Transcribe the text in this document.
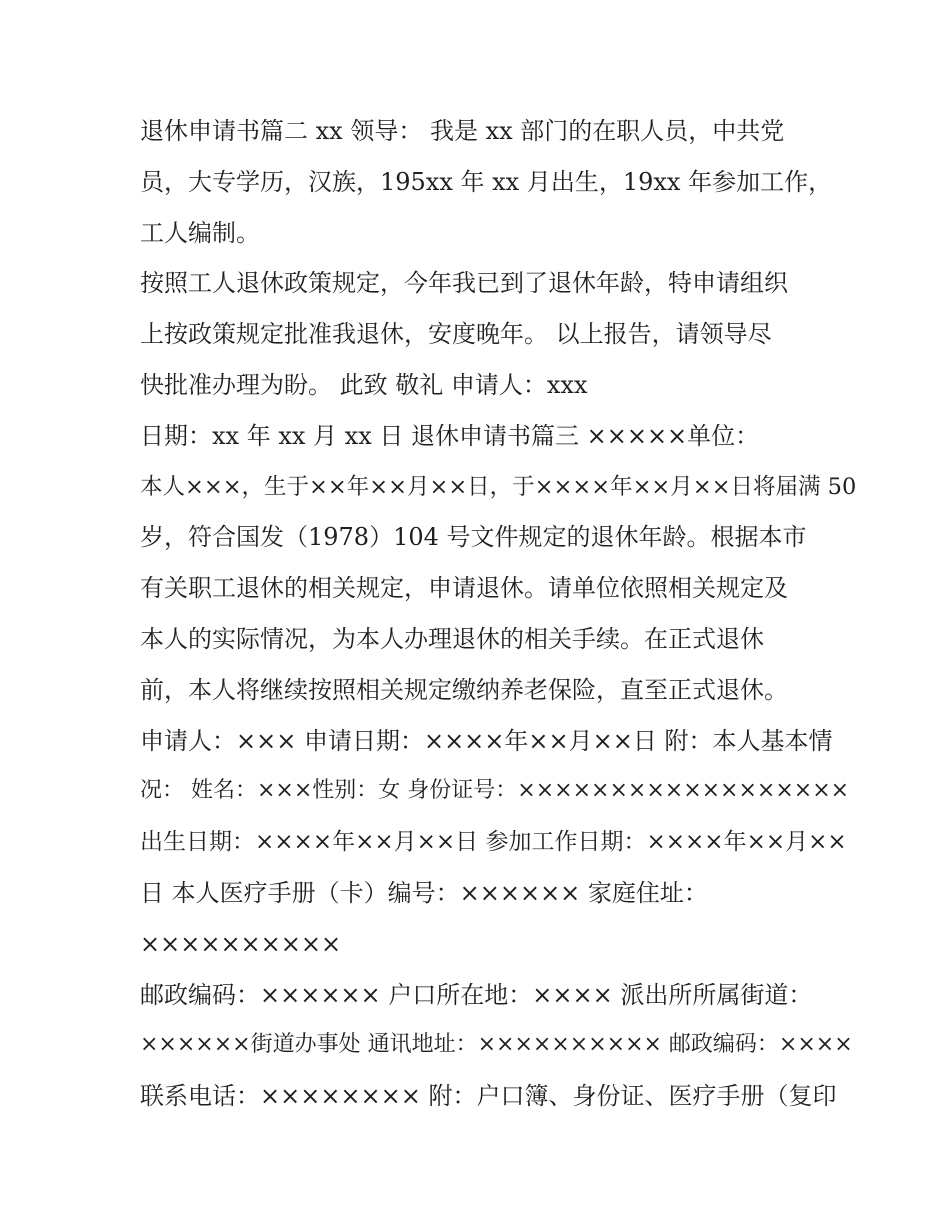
退休申请书篇二 xx 领导： 我是 xx 部门的在职人员，中共党
员，大专学历，汉族，195xx 年 xx 月出生，19xx 年参加工作，
工人编制。
按照工人退休政策规定，今年我已到了退休年龄，特申请组织
上按政策规定批准我退休，安度晚年。 以上报告，请领导尽
快批准办理为盼。 此致 敬礼 申请人：xxx
日期：xx 年 xx 月 xx 日 退休申请书篇三 ×××××单位：
本人×××，生于××年××月××日，于××××年××月××日将届满 50
岁，符合国发（1978）104 号文件规定的退休年龄。根据本市
有关职工退休的相关规定，申请退休。请单位依照相关规定及
本人的实际情况，为本人办理退休的相关手续。在正式退休
前，本人将继续按照相关规定缴纳养老保险，直至正式退休。
申请人：××× 申请日期：××××年××月××日 附：本人基本情
况： 姓名：×××性别：女 身份证号：××××××××××××××××××
出生日期：××××年××月××日 参加工作日期：××××年××月××
日 本人医疗手册（卡）编号：×××××× 家庭住址：
××××××××××
邮政编码：×××××× 户口所在地：×××× 派出所所属街道：
××××××街道办事处 通讯地址：×××××××××× 邮政编码：××××
联系电话：×××××××× 附：户口簿、身份证、医疗手册（复印
